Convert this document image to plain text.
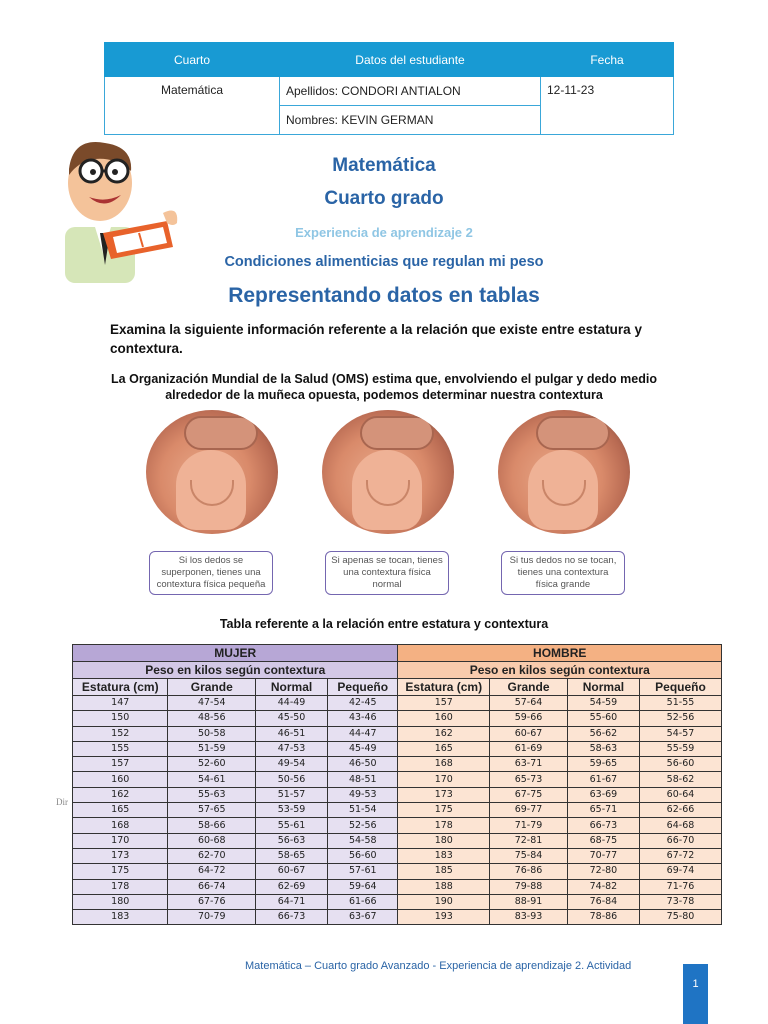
Cuarto	Datos del estudiante	Fecha
Matemática	Apellidos: CONDORI ANTIALON	12-11-23
	Nombres: KEVIN GERMAN	
Matemática
Cuarto grado
Experiencia de aprendizaje 2
Condiciones alimenticias que regulan mi peso
Representando datos en tablas
Examina la siguiente información referente a la relación que existe entre estatura y contextura.
La Organización Mundial de la Salud (OMS) estima que, envolviendo el pulgar y dedo medio alrededor de la muñeca opuesta, podemos determinar nuestra contextura
Si los dedos se superponen, tienes una contextura física pequeña
Si apenas se tocan, tienes una contextura física normal
Si tus dedos no se tocan, tienes una contextura física grande
Tabla referente a la relación entre estatura y contextura
Dir
MUJER				HOMBRE			
Peso en kilos según contextura				Peso en kilos según contextura			
Estatura (cm)	Grande	Normal	Pequeño	Estatura (cm)	Grande	Normal	Pequeño
147	47-54	44-49	42-45	157	57-64	54-59	51-55
150	48-56	45-50	43-46	160	59-66	55-60	52-56
152	50-58	46-51	44-47	162	60-67	56-62	54-57
155	51-59	47-53	45-49	165	61-69	58-63	55-59
157	52-60	49-54	46-50	168	63-71	59-65	56-60
160	54-61	50-56	48-51	170	65-73	61-67	58-62
162	55-63	51-57	49-53	173	67-75	63-69	60-64
165	57-65	53-59	51-54	175	69-77	65-71	62-66
168	58-66	55-61	52-56	178	71-79	66-73	64-68
170	60-68	56-63	54-58	180	72-81	68-75	66-70
173	62-70	58-65	56-60	183	75-84	70-77	67-72
175	64-72	60-67	57-61	185	76-86	72-80	69-74
178	66-74	62-69	59-64	188	79-88	74-82	71-76
180	67-76	64-71	61-66	190	88-91	76-84	73-78
183	70-79	66-73	63-67	193	83-93	78-86	75-80
Matemática – Cuarto grado Avanzado - Experiencia de aprendizaje 2. Actividad
1
